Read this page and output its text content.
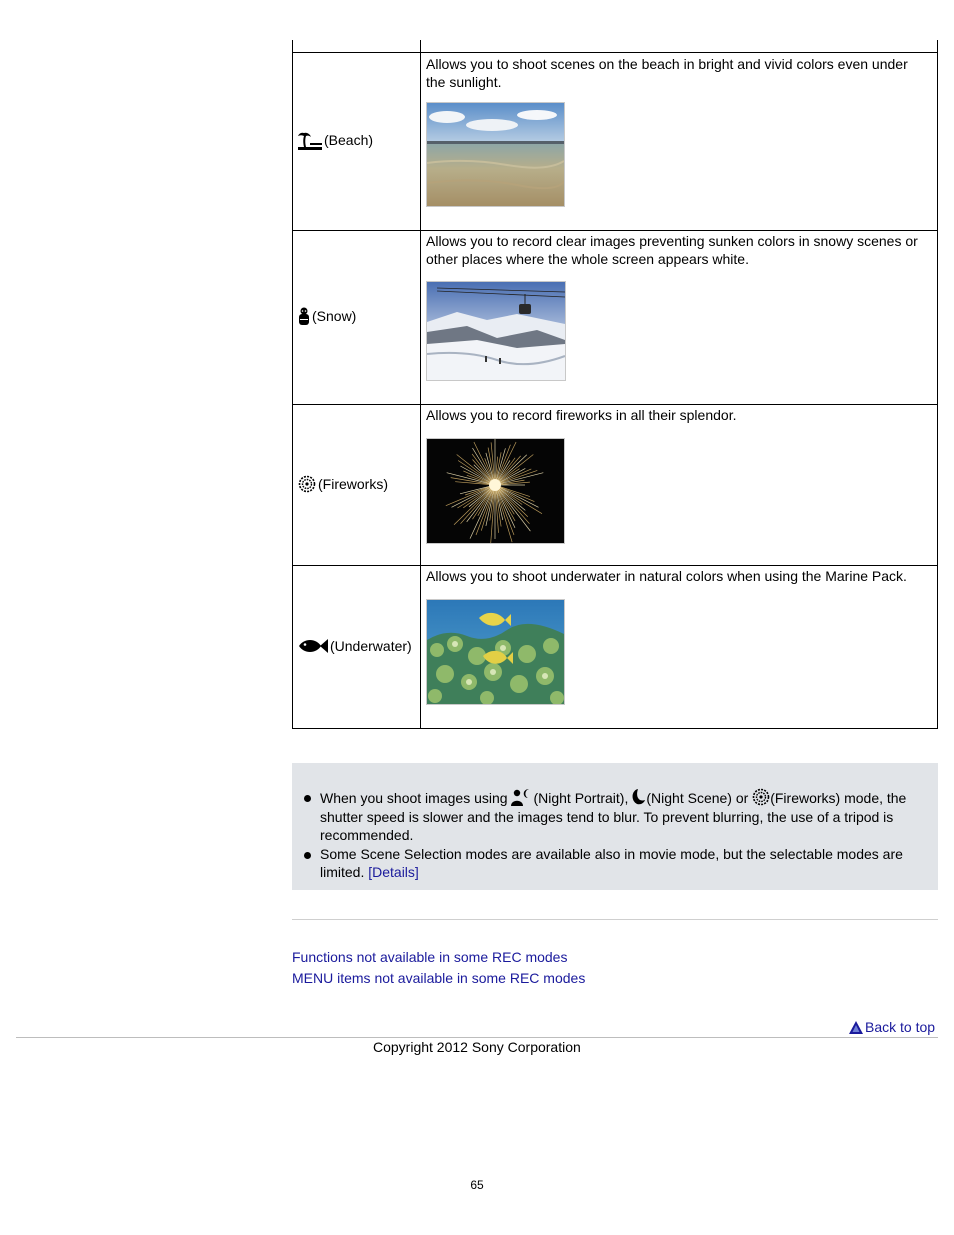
(Beach)
Allows you to shoot scenes on the beach in bright and vivid colors even under the sunlight.
(Snow)
Allows you to record clear images preventing sunken colors in snowy scenes or other places where the whole screen appears white.
(Fireworks)
Allows you to record fireworks in all their splendor.
(Underwater)
Allows you to shoot underwater in natural colors when using the Marine Pack.
When you shoot images using (Night Portrait), (Night Scene) or (Fireworks) mode, the shutter speed is slower and the images tend to blur. To prevent blurring, the use of a tripod is recommended.
Some Scene Selection modes are available also in movie mode, but the selectable modes are limited. [Details]
Functions not available in some REC modes
MENU items not available in some REC modes
Back to top
Copyright 2012 Sony Corporation
65
